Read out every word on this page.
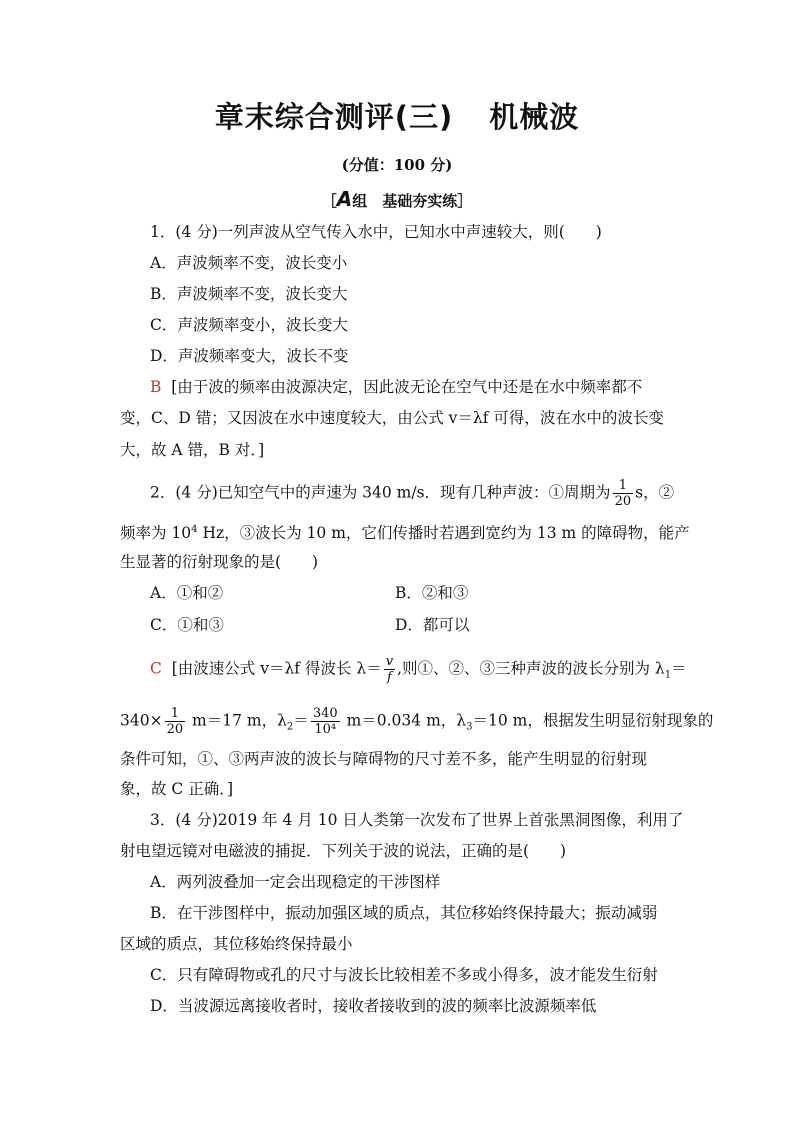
章末综合测评(三) 机械波
(分值：100 分)
［A组　基础夯实练］
1．(4 分)一列声波从空气传入水中，已知水中声速较大，则(　　)
A．声波频率不变，波长变小
B．声波频率不变，波长变大
C．声波频率变小，波长变大
D．声波频率变大，波长不变
B [由于波的频率由波源决定，因此波无论在空气中还是在水中频率都不
变，C、D 错；又因波在水中速度较大，由公式 v＝λf 可得，波在水中的波长变
大，故 A 错，B 对．]
2．(4 分)已知空气中的声速为 340 m/s．现有几种声波：①周期为 $\frac{1}{20}$ s，②
频率为 $10^4$ Hz，③波长为 10 m，它们传播时若遇到宽约为 13 m 的障碍物，能产
生显著的衍射现象的是(　　)
A．①和②	B．②和③
C．①和③	D．都可以
C [由波速公式 v＝λf 得波长 $\lambda= \frac{v}{f}$ ,则①、②、③三种声波的波长分别为 $\lambda_1=$
$340\times \frac{1}{20} m=17$ m，$\lambda_2= \frac{340}{\text{10⁴}} m=0.034$ m，$\lambda_3=10$ m，根据发生明显衍射现象的
条件可知，①、③两声波的波长与障碍物的尺寸差不多，能产生明显的衍射现
象，故 C 正确．]
3．(4 分)2019 年 4 月 10 日人类第一次发布了世界上首张黑洞图像，利用了
射电望远镜对电磁波的捕捉．下列关于波的说法，正确的是(　　)
A．两列波叠加一定会出现稳定的干涉图样
B．在干涉图样中，振动加强区域的质点，其位移始终保持最大；振动减弱
区域的质点，其位移始终保持最小
C．只有障碍物或孔的尺寸与波长比较相差不多或小得多，波才能发生衍射
D．当波源远离接收者时，接收者接收到的波的频率比波源频率低
